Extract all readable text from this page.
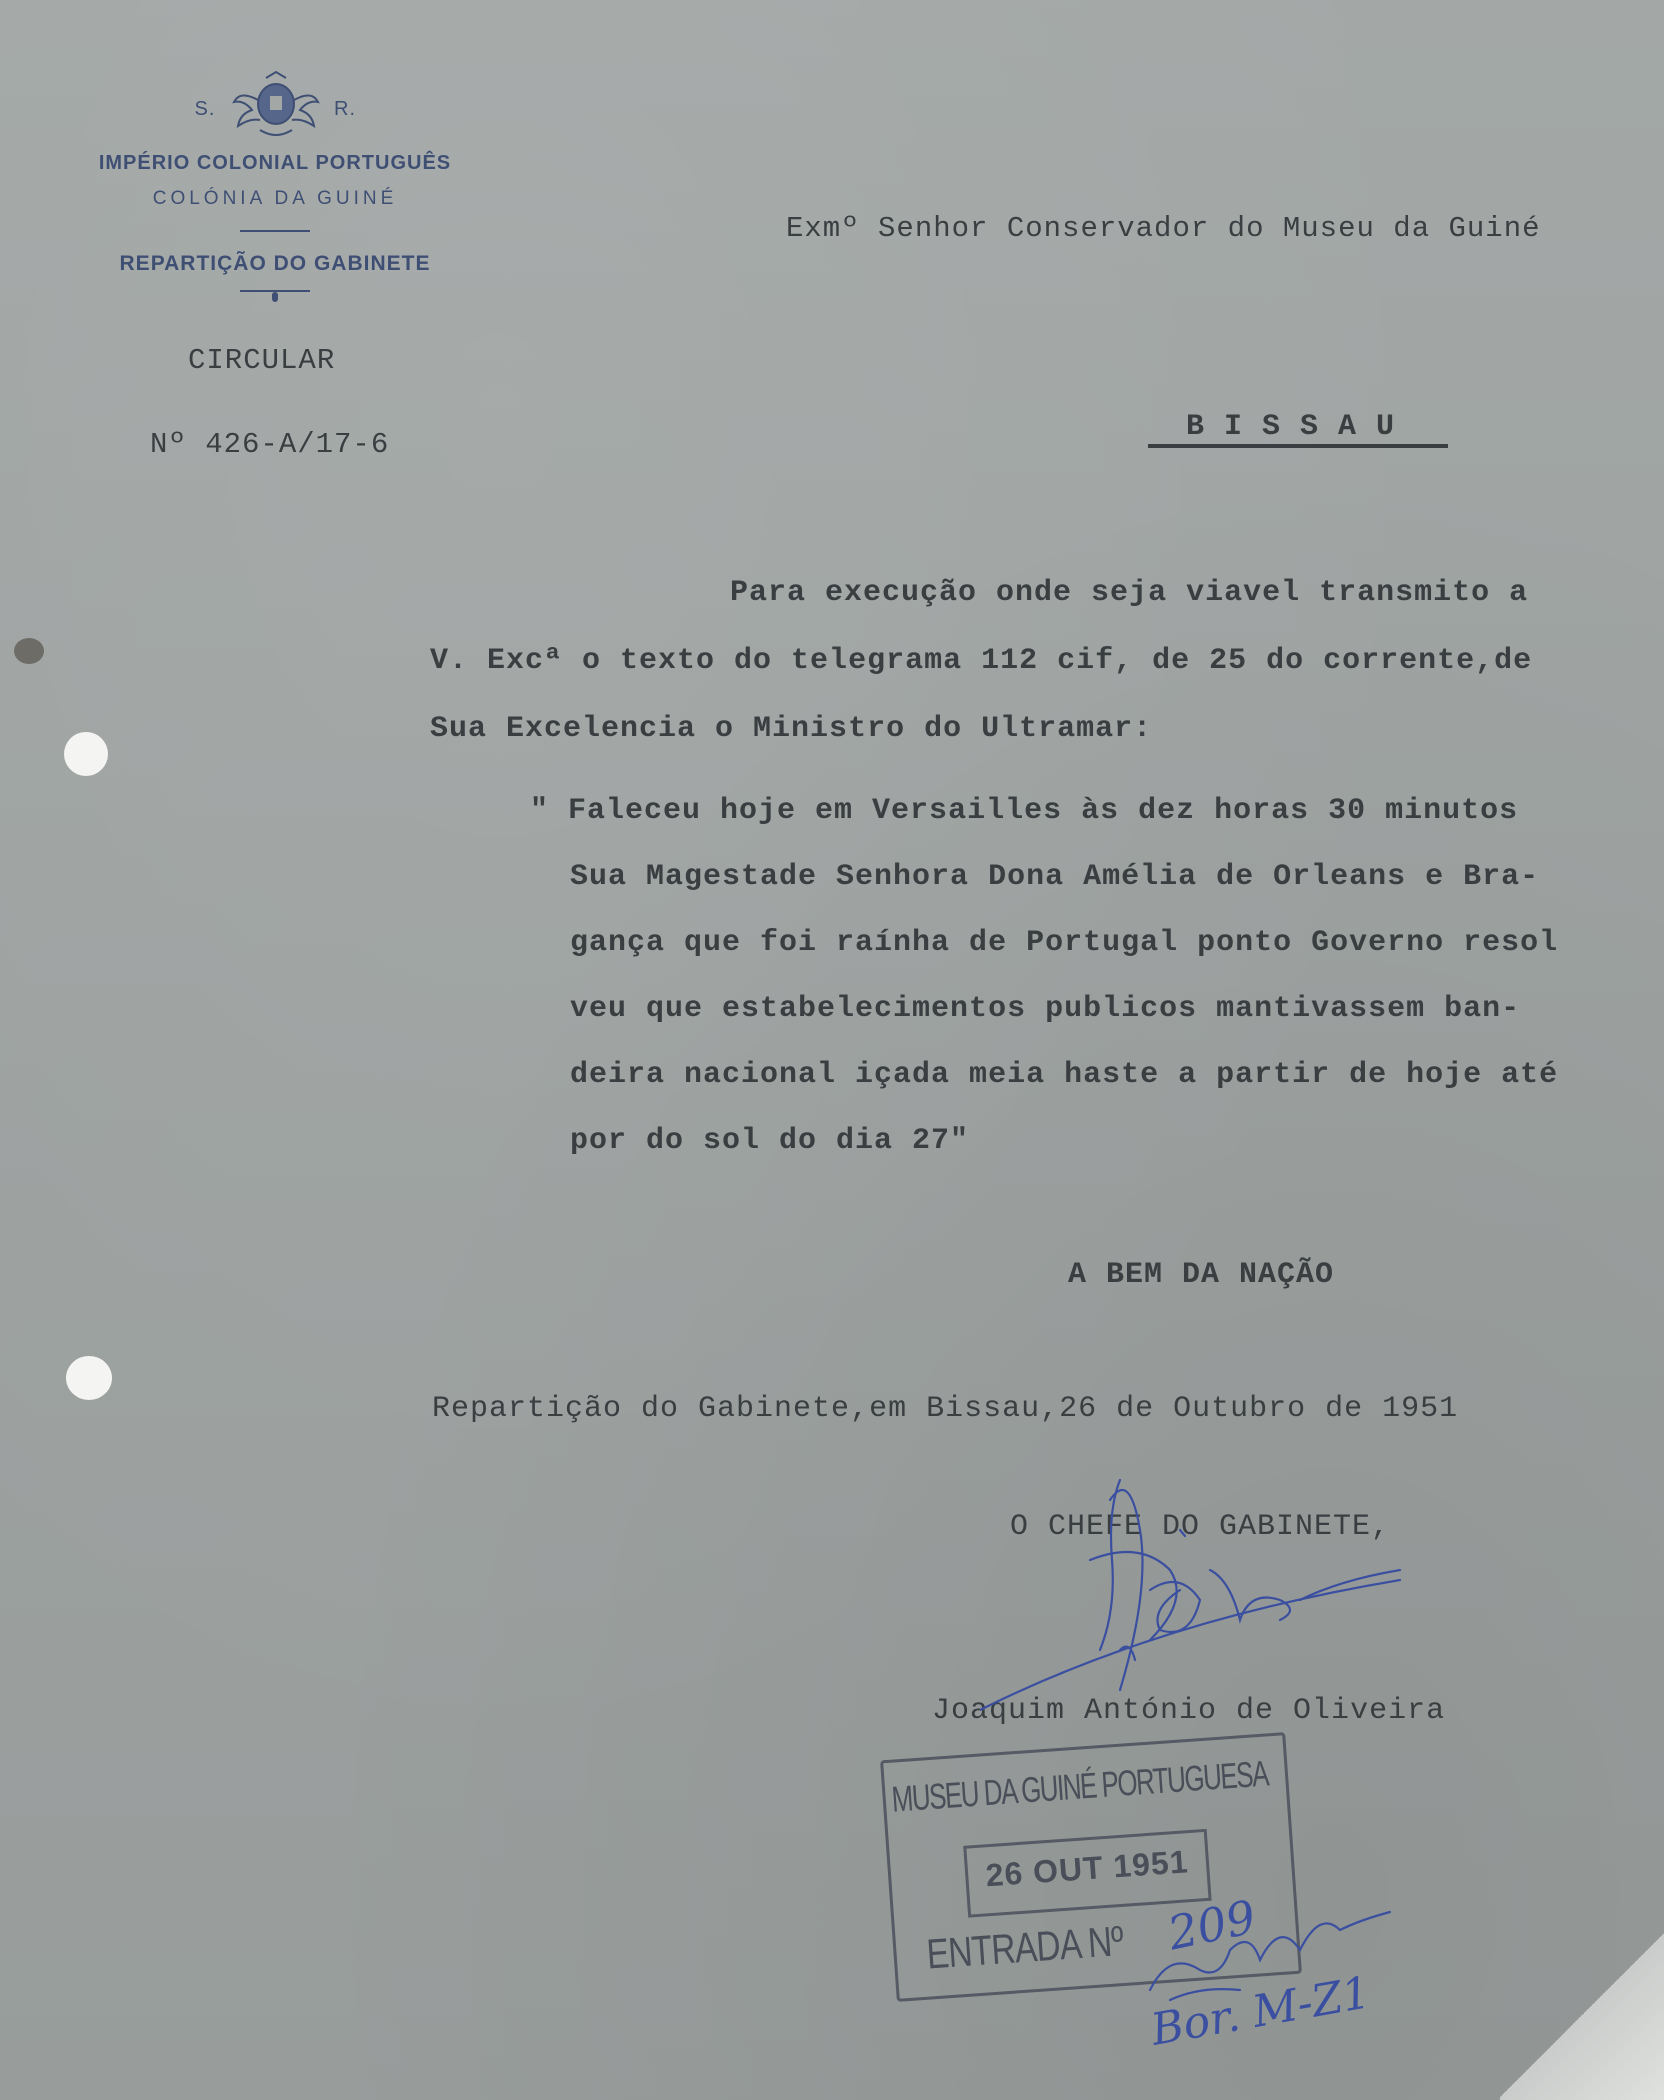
S.	R.
IMPÉRIO COLONIAL PORTUGUÊS
COLÓNIA DA GUINÉ
REPARTIÇÃO DO GABINETE
CIRCULAR
Nº 426-A/17-6
Exmº Senhor Conservador do Museu da Guiné
B I S S A U
Para execução onde seja viavel transmito a
V. Excª o texto do telegrama 112 cif, de 25 do corrente,de
Sua Excelencia o Ministro do Ultramar:
" Faleceu hoje em Versailles às dez horas 30 minutos
Sua Magestade Senhora Dona Amélia de Orleans e Bra-
gança que foi raínha de Portugal ponto Governo resol
veu que estabelecimentos publicos mantivassem ban-
deira nacional içada meia haste a partir de hoje até
por do sol do dia 27"
A BEM DA NAÇÃO
Repartição do Gabinete,em Bissau,26 de Outubro de 1951
O CHEFE DO GABINETE,
Joaquim António de Oliveira
MUSEU DA GUINÉ PORTUGUESA
26 OUT 1951
ENTRADA Nº 209
Bor. M-Z1
